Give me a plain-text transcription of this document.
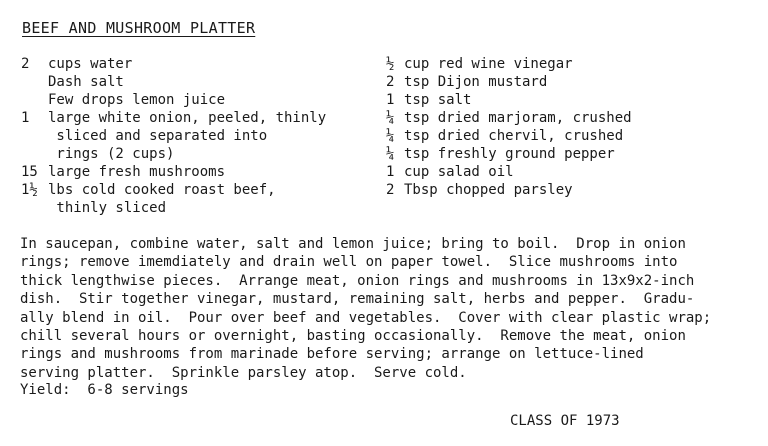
BEEF AND MUSHROOM PLATTER
2	cups water
Dash salt
Few drops lemon juice
1	large white onion, peeled, thinly
sliced and separated into
rings (2 cups)
15 large fresh mushrooms
1½ lbs cold cooked roast beef,
thinly sliced
½ cup red wine vinegar
2 tsp Dijon mustard
1 tsp salt
¼ tsp dried marjoram, crushed
¼ tsp dried chervil, crushed
¼ tsp freshly ground pepper
1 cup salad oil
2 Tbsp chopped parsley
In saucepan, combine water, salt and lemon juice; bring to boil.  Drop in onion
rings; remove imemdiately and drain well on paper towel.  Slice mushrooms into
thick lengthwise pieces.  Arrange meat, onion rings and mushrooms in 13x9x2-inch
dish.  Stir together vinegar, mustard, remaining salt, herbs and pepper.  Gradu-
ally blend in oil.  Pour over beef and vegetables.  Cover with clear plastic wrap;
chill several hours or overnight, basting occasionally.  Remove the meat, onion
rings and mushrooms from marinade before serving; arrange on lettuce-lined
serving platter.  Sprinkle parsley atop.  Serve cold.
Yield:  6-8 servings
CLASS OF 1973
